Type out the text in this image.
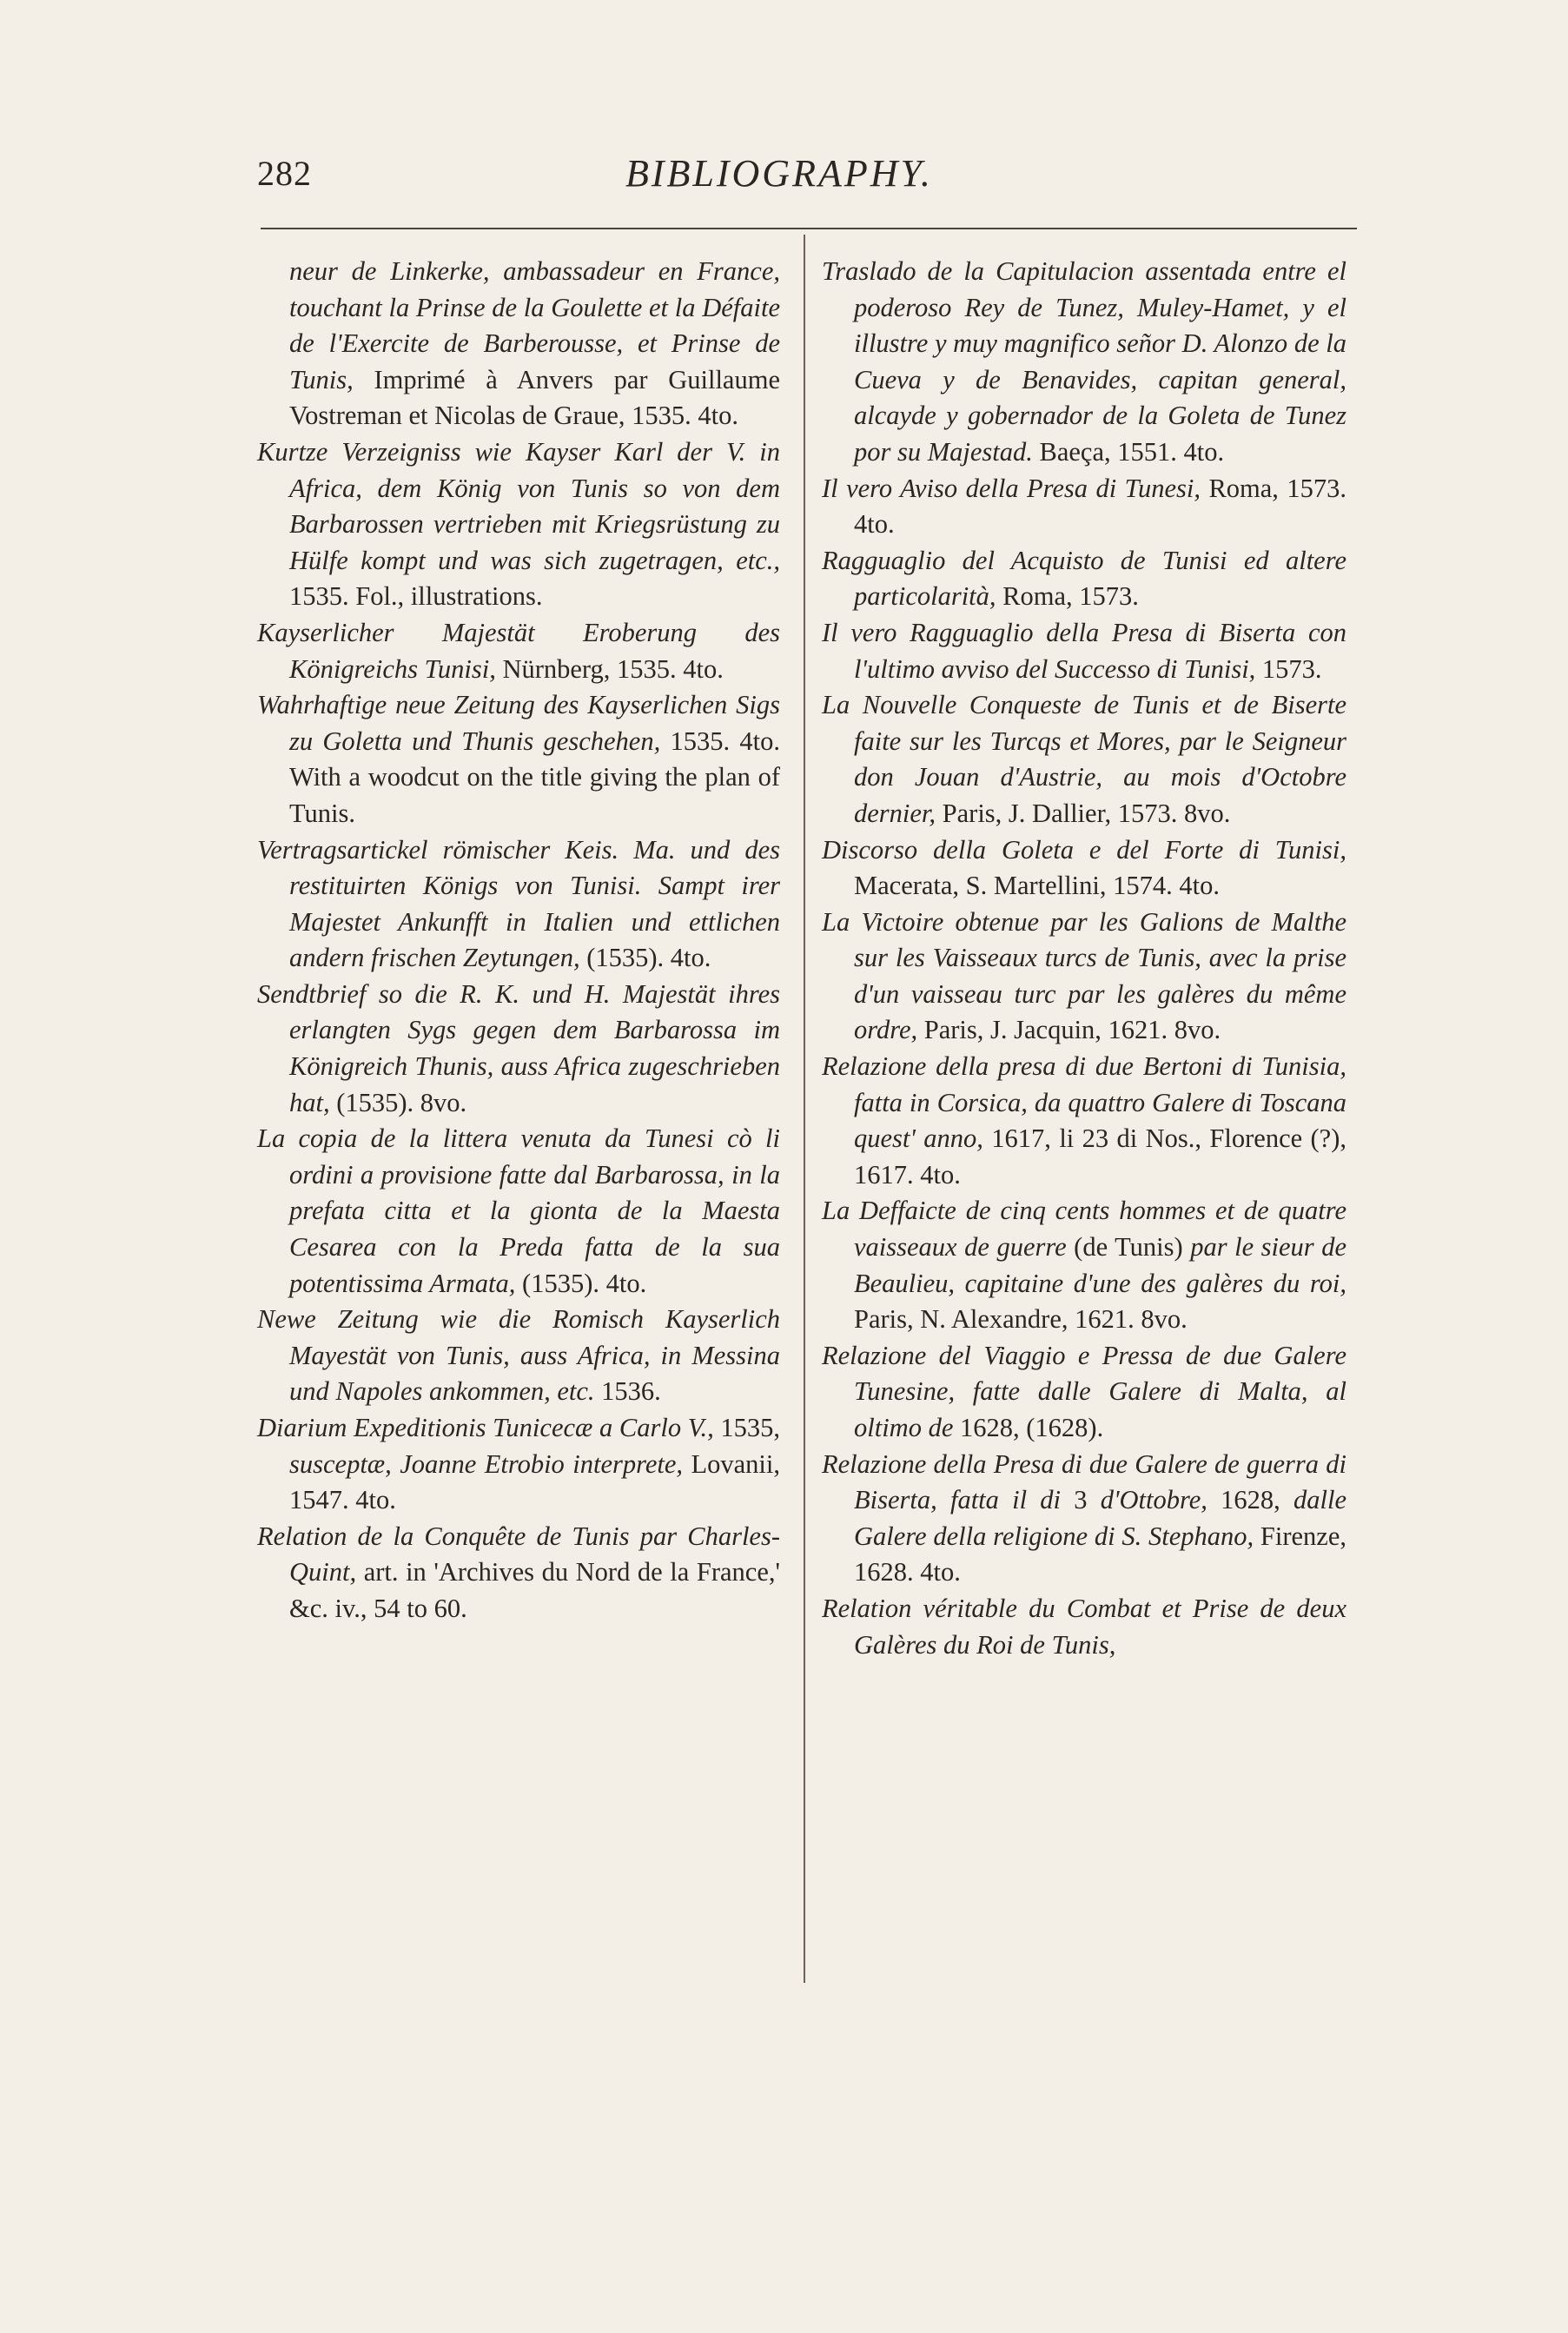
282	BIBLIOGRAPHY.

neur de Linkerke, ambassadeur en France, touchant la Prinse de la Goulette et la Défaite de l'Exercite de Barberousse, et Prinse de Tunis, Imprimé à Anvers par Guillaume Vostreman et Nicolas de Graue, 1535. 4to.

Kurtze Verzeigniss wie Kayser Karl der V. in Africa, dem König von Tunis so von dem Barbarossen vertrieben mit Kriegsrüstung zu Hülfe kompt und was sich zugetragen, etc., 1535. Fol., illustrations.

Kayserlicher Majestät Eroberung des Königreichs Tunisi, Nürnberg, 1535. 4to.

Wahrhaftige neue Zeitung des Kayserlichen Sigs zu Goletta und Thunis geschehen, 1535. 4to. With a woodcut on the title giving the plan of Tunis.

Vertragsartickel römischer Keis. Ma. und des restituirten Königs von Tunisi. Sampt irer Majestet Ankunfft in Italien und ettlichen andern frischen Zeytungen, (1535). 4to.

Sendtbrief so die R. K. und H. Majestät ihres erlangten Sygs gegen dem Barbarossa im Königreich Thunis, auss Africa zugeschrieben hat, (1535). 8vo.

La copia de la littera venuta da Tunesi cò li ordini a provisione fatte dal Barbarossa, in la prefata citta et la gionta de la Maesta Cesarea con la Preda fatta de la sua potentissima Armata, (1535). 4to.

Newe Zeitung wie die Romisch Kayserlich Mayestät von Tunis, auss Africa, in Messina und Napoles ankommen, etc. 1536.

Diarium Expeditionis Tunicecæ a Carlo V., 1535, susceptæ, Joanne Etrobio interprete, Lovanii, 1547. 4to.

Relation de la Conquête de Tunis par Charles-Quint, art. in 'Archives du Nord de la France,' &c. iv., 54 to 60.

Traslado de la Capitulacion assentada entre el poderoso Rey de Tunez, Muley-Hamet, y el illustre y muy magnifico señor D. Alonzo de la Cueva y de Benavides, capitan general, alcayde y gobernador de la Goleta de Tunez por su Majestad. Baeça, 1551. 4to.

Il vero Aviso della Presa di Tunesi, Roma, 1573. 4to.

Ragguaglio del Acquisto de Tunisi ed altere particolarità, Roma, 1573.

Il vero Ragguaglio della Presa di Biserta con l'ultimo avviso del Successo di Tunisi, 1573.

La Nouvelle Conqueste de Tunis et de Biserte faite sur les Turcqs et Mores, par le Seigneur don Jouan d'Austrie, au mois d'Octobre dernier, Paris, J. Dallier, 1573. 8vo.

Discorso della Goleta e del Forte di Tunisi, Macerata, S. Martellini, 1574. 4to.

La Victoire obtenue par les Galions de Malthe sur les Vaisseaux turcs de Tunis, avec la prise d'un vaisseau turc par les galères du même ordre, Paris, J. Jacquin, 1621. 8vo.

Relazione della presa di due Bertoni di Tunisia, fatta in Corsica, da quattro Galere di Toscana quest' anno, 1617, li 23 di Nos., Florence (?), 1617. 4to.

La Deffaicte de cinq cents hommes et de quatre vaisseaux de guerre (de Tunis) par le sieur de Beaulieu, capitaine d'une des galères du roi, Paris, N. Alexandre, 1621. 8vo.

Relazione del Viaggio e Pressa de due Galere Tunesine, fatte dalle Galere di Malta, al oltimo de 1628, (1628).

Relazione della Presa di due Galere de guerra di Biserta, fatta il di 3 d'Ottobre, 1628, dalle Galere della religione di S. Stephano, Firenze, 1628. 4to.

Relation véritable du Combat et Prise de deux Galères du Roi de Tunis,
